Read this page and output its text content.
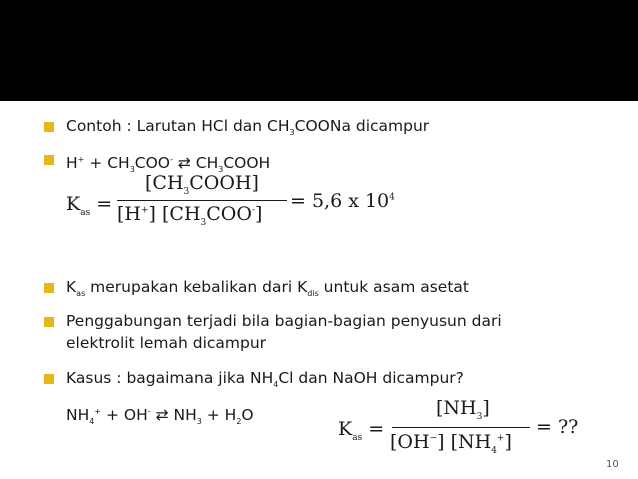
Contoh : Larutan HCl dan $CH_3COONa$ dicampur
$H^+ + CH_3COO^-$ ⇄ $CH_3COOH$
$K_{as}$ =
$[CH_3COOH]$
[H+] $[CH_3COO^-]$
= 5,6 x $10^4$
$K_{as}$ merupakan kebalikan dari $K_{dis}$ untuk asam asetat
Penggabungan terjadi bila bagian-bagian penyusun dari
elektrolit lemah dicampur
Kasus : bagaimana jika $NH_4Cl$ dan NaOH dicampur?
$NH_4^+ + OH^-$ ⇄ $NH_3 + H_2O$
$K_{as}$ =
$[NH_3]$
[OH−] $[NH_4^+]$
= ??
10
